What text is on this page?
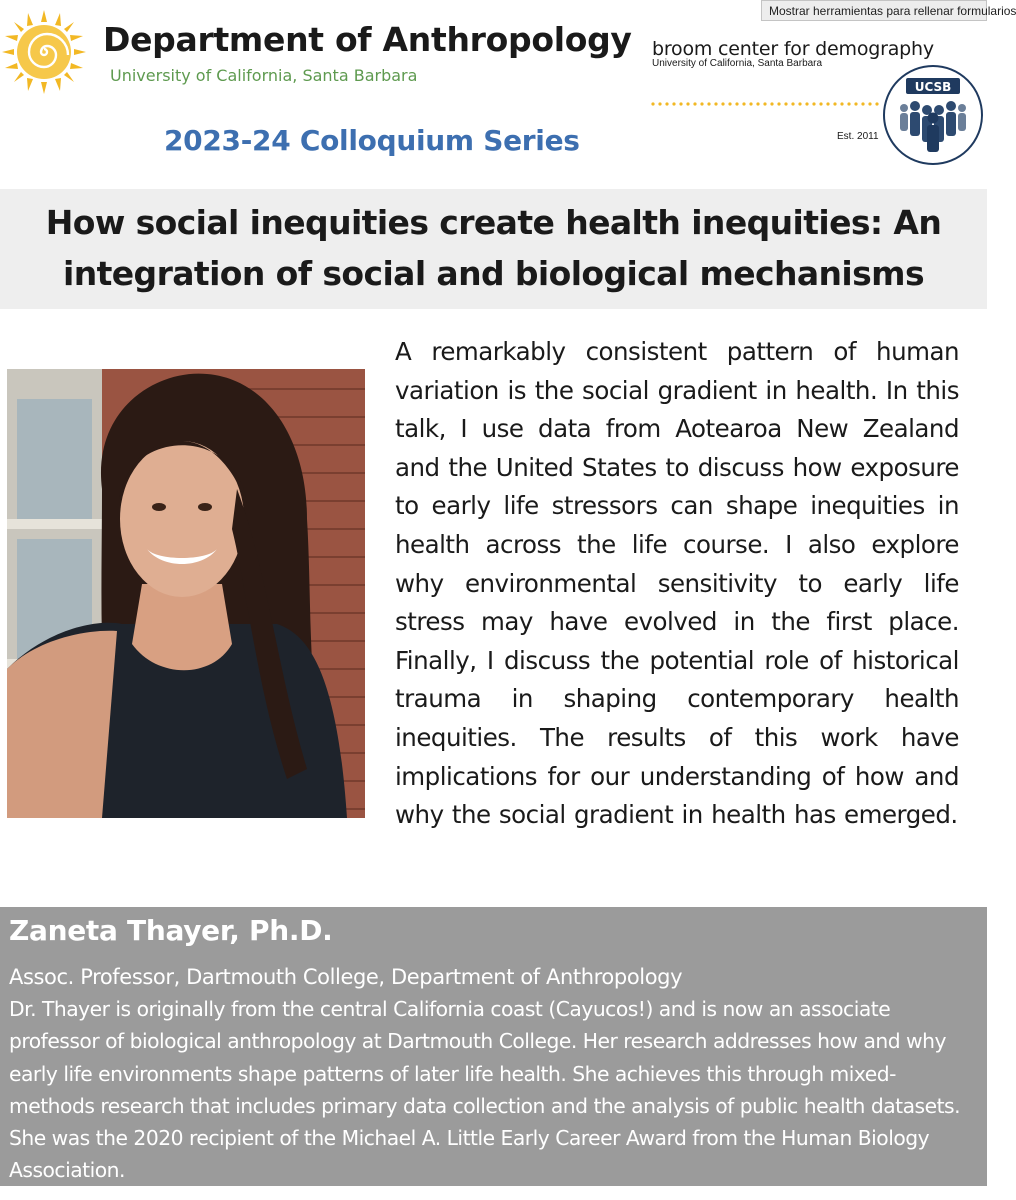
Department of Anthropology
University of California, Santa Barbara
broom center for demography
University of California, Santa Barbara
Est. 2011
UCSB
Mostrar herramientas para rellenar formularios
2023-24 Colloquium Series
How social inequities create health inequities: An
integration of social and biological mechanisms
A remarkably consistent pattern of human variation is the social gradient in health. In this talk, I use data from Aotearoa New Zealand and the United States to discuss how exposure to early life stressors can shape inequities in health across the life course. I also explore why environmental sensitivity to early life stress may have evolved in the first place. Finally, I discuss the potential role of historical trauma in shaping contemporary health inequities. The results of this work have implications for our understanding of how and why the social gradient in health has emerged.
Zaneta Thayer, Ph.D.
Assoc. Professor, Dartmouth College, Department of Anthropology
Dr. Thayer is originally from the central California coast (Cayucos!) and is now an associate professor of biological anthropology at Dartmouth College. Her research addresses how and why early life environments shape patterns of later life health. She achieves this through mixed-methods research that includes primary data collection and the analysis of public health datasets. She was the 2020 recipient of the Michael A. Little Early Career Award from the Human Biology Association.
